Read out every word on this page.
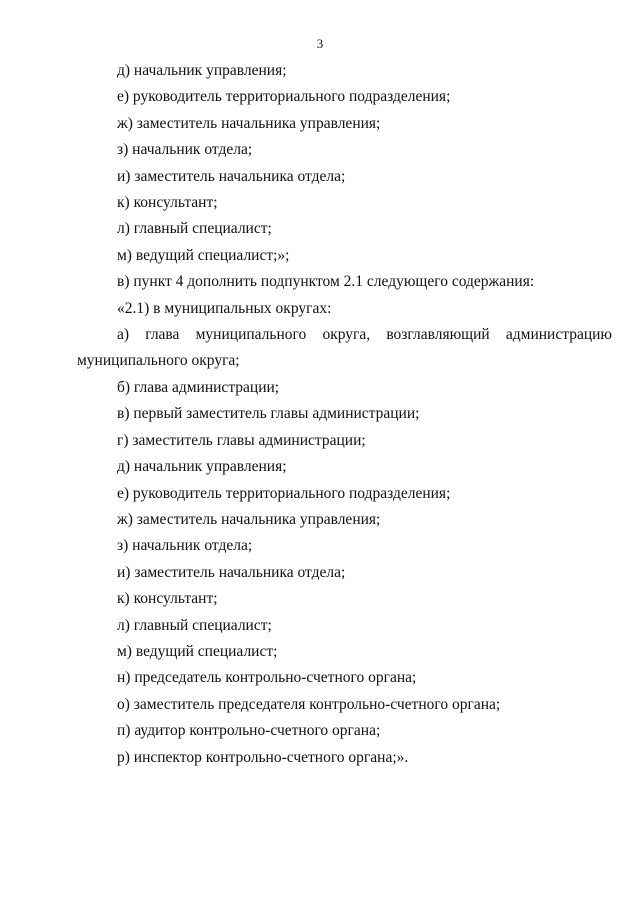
3

д) начальник управления;

е) руководитель территориального подразделения;

ж) заместитель начальника управления;

з) начальник отдела;

и) заместитель начальника отдела;

к) консультант;

л) главный специалист;

м) ведущий специалист;»;

в) пункт 4 дополнить подпунктом 2.1 следующего содержания:

«2.1) в муниципальных округах:

а) глава муниципального округа, возглавляющий администрацию

муниципального округа;

б) глава администрации;

в) первый заместитель главы администрации;

г) заместитель главы администрации;

д) начальник управления;

е) руководитель территориального подразделения;

ж) заместитель начальника управления;

з) начальник отдела;

и) заместитель начальника отдела;

к) консультант;

л) главный специалист;

м) ведущий специалист;

н) председатель контрольно-счетного органа;

о) заместитель председателя контрольно-счетного органа;

п) аудитор контрольно-счетного органа;

р) инспектор контрольно-счетного органа;».
